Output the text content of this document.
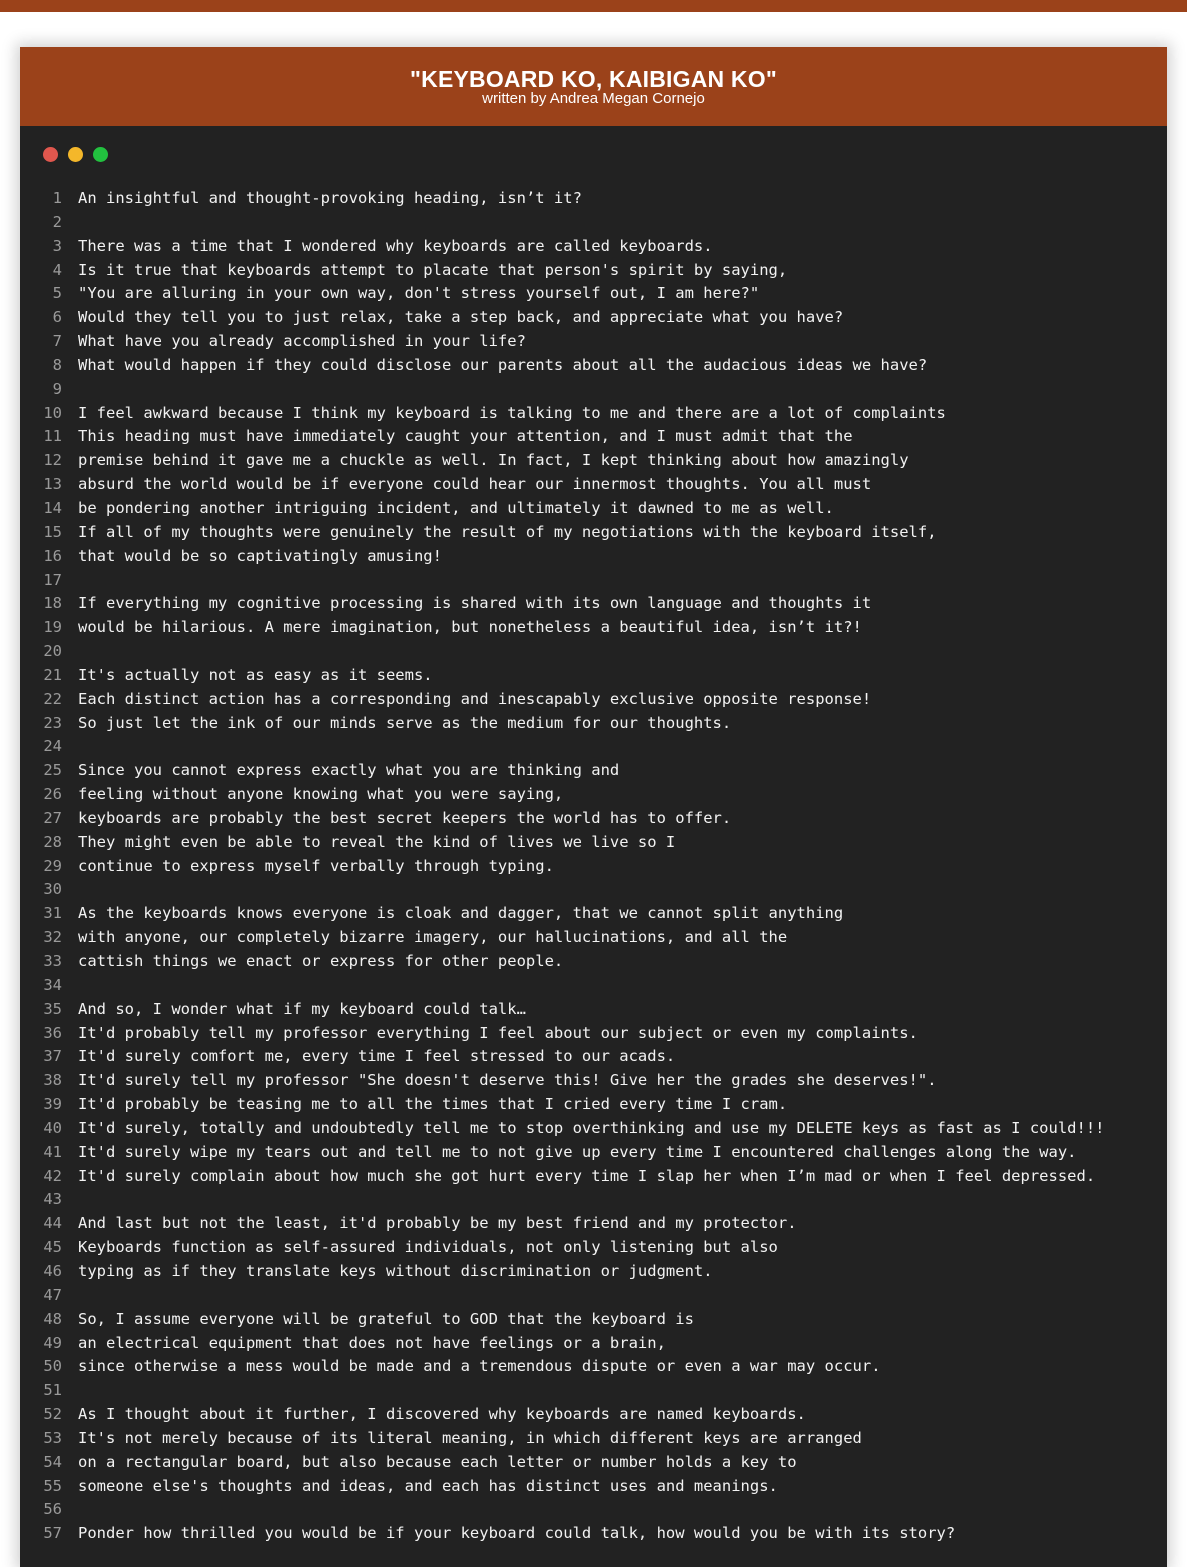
"KEYBOARD KO, KAIBIGAN KO"
written by Andrea Megan Cornejo
1 An insightful and thought-provoking heading, isn’t it?
2
3 There was a time that I wondered why keyboards are called keyboards.
4 Is it true that keyboards attempt to placate that person's spirit by saying,
5 "You are alluring in your own way, don't stress yourself out, I am here?"
6 Would they tell you to just relax, take a step back, and appreciate what you have?
7 What have you already accomplished in your life?
8 What would happen if they could disclose our parents about all the audacious ideas we have?
9
10 I feel awkward because I think my keyboard is talking to me and there are a lot of complaints
11 This heading must have immediately caught your attention, and I must admit that the
12 premise behind it gave me a chuckle as well. In fact, I kept thinking about how amazingly
13 absurd the world would be if everyone could hear our innermost thoughts. You all must
14 be pondering another intriguing incident, and ultimately it dawned to me as well.
15 If all of my thoughts were genuinely the result of my negotiations with the keyboard itself,
16 that would be so captivatingly amusing!
17
18 If everything my cognitive processing is shared with its own language and thoughts it
19 would be hilarious. A mere imagination, but nonetheless a beautiful idea, isn’t it?!
20
21 It's actually not as easy as it seems.
22 Each distinct action has a corresponding and inescapably exclusive opposite response!
23 So just let the ink of our minds serve as the medium for our thoughts.
24
25 Since you cannot express exactly what you are thinking and
26 feeling without anyone knowing what you were saying,
27 keyboards are probably the best secret keepers the world has to offer.
28 They might even be able to reveal the kind of lives we live so I
29 continue to express myself verbally through typing.
30
31 As the keyboards knows everyone is cloak and dagger, that we cannot split anything
32 with anyone, our completely bizarre imagery, our hallucinations, and all the
33 cattish things we enact or express for other people.
34
35 And so, I wonder what if my keyboard could talk…
36 It'd probably tell my professor everything I feel about our subject or even my complaints.
37 It'd surely comfort me, every time I feel stressed to our acads.
38 It'd surely tell my professor "She doesn't deserve this! Give her the grades she deserves!".
39 It'd probably be teasing me to all the times that I cried every time I cram.
40 It'd surely, totally and undoubtedly tell me to stop overthinking and use my DELETE keys as fast as I could!!!
41 It'd surely wipe my tears out and tell me to not give up every time I encountered challenges along the way.
42 It'd surely complain about how much she got hurt every time I slap her when I’m mad or when I feel depressed.
43
44 And last but not the least, it'd probably be my best friend and my protector.
45 Keyboards function as self-assured individuals, not only listening but also
46 typing as if they translate keys without discrimination or judgment.
47
48 So, I assume everyone will be grateful to GOD that the keyboard is
49 an electrical equipment that does not have feelings or a brain,
50 since otherwise a mess would be made and a tremendous dispute or even a war may occur.
51
52 As I thought about it further, I discovered why keyboards are named keyboards.
53 It's not merely because of its literal meaning, in which different keys are arranged
54 on a rectangular board, but also because each letter or number holds a key to
55 someone else's thoughts and ideas, and each has distinct uses and meanings.
56
57 Ponder how thrilled you would be if your keyboard could talk, how would you be with its story?
